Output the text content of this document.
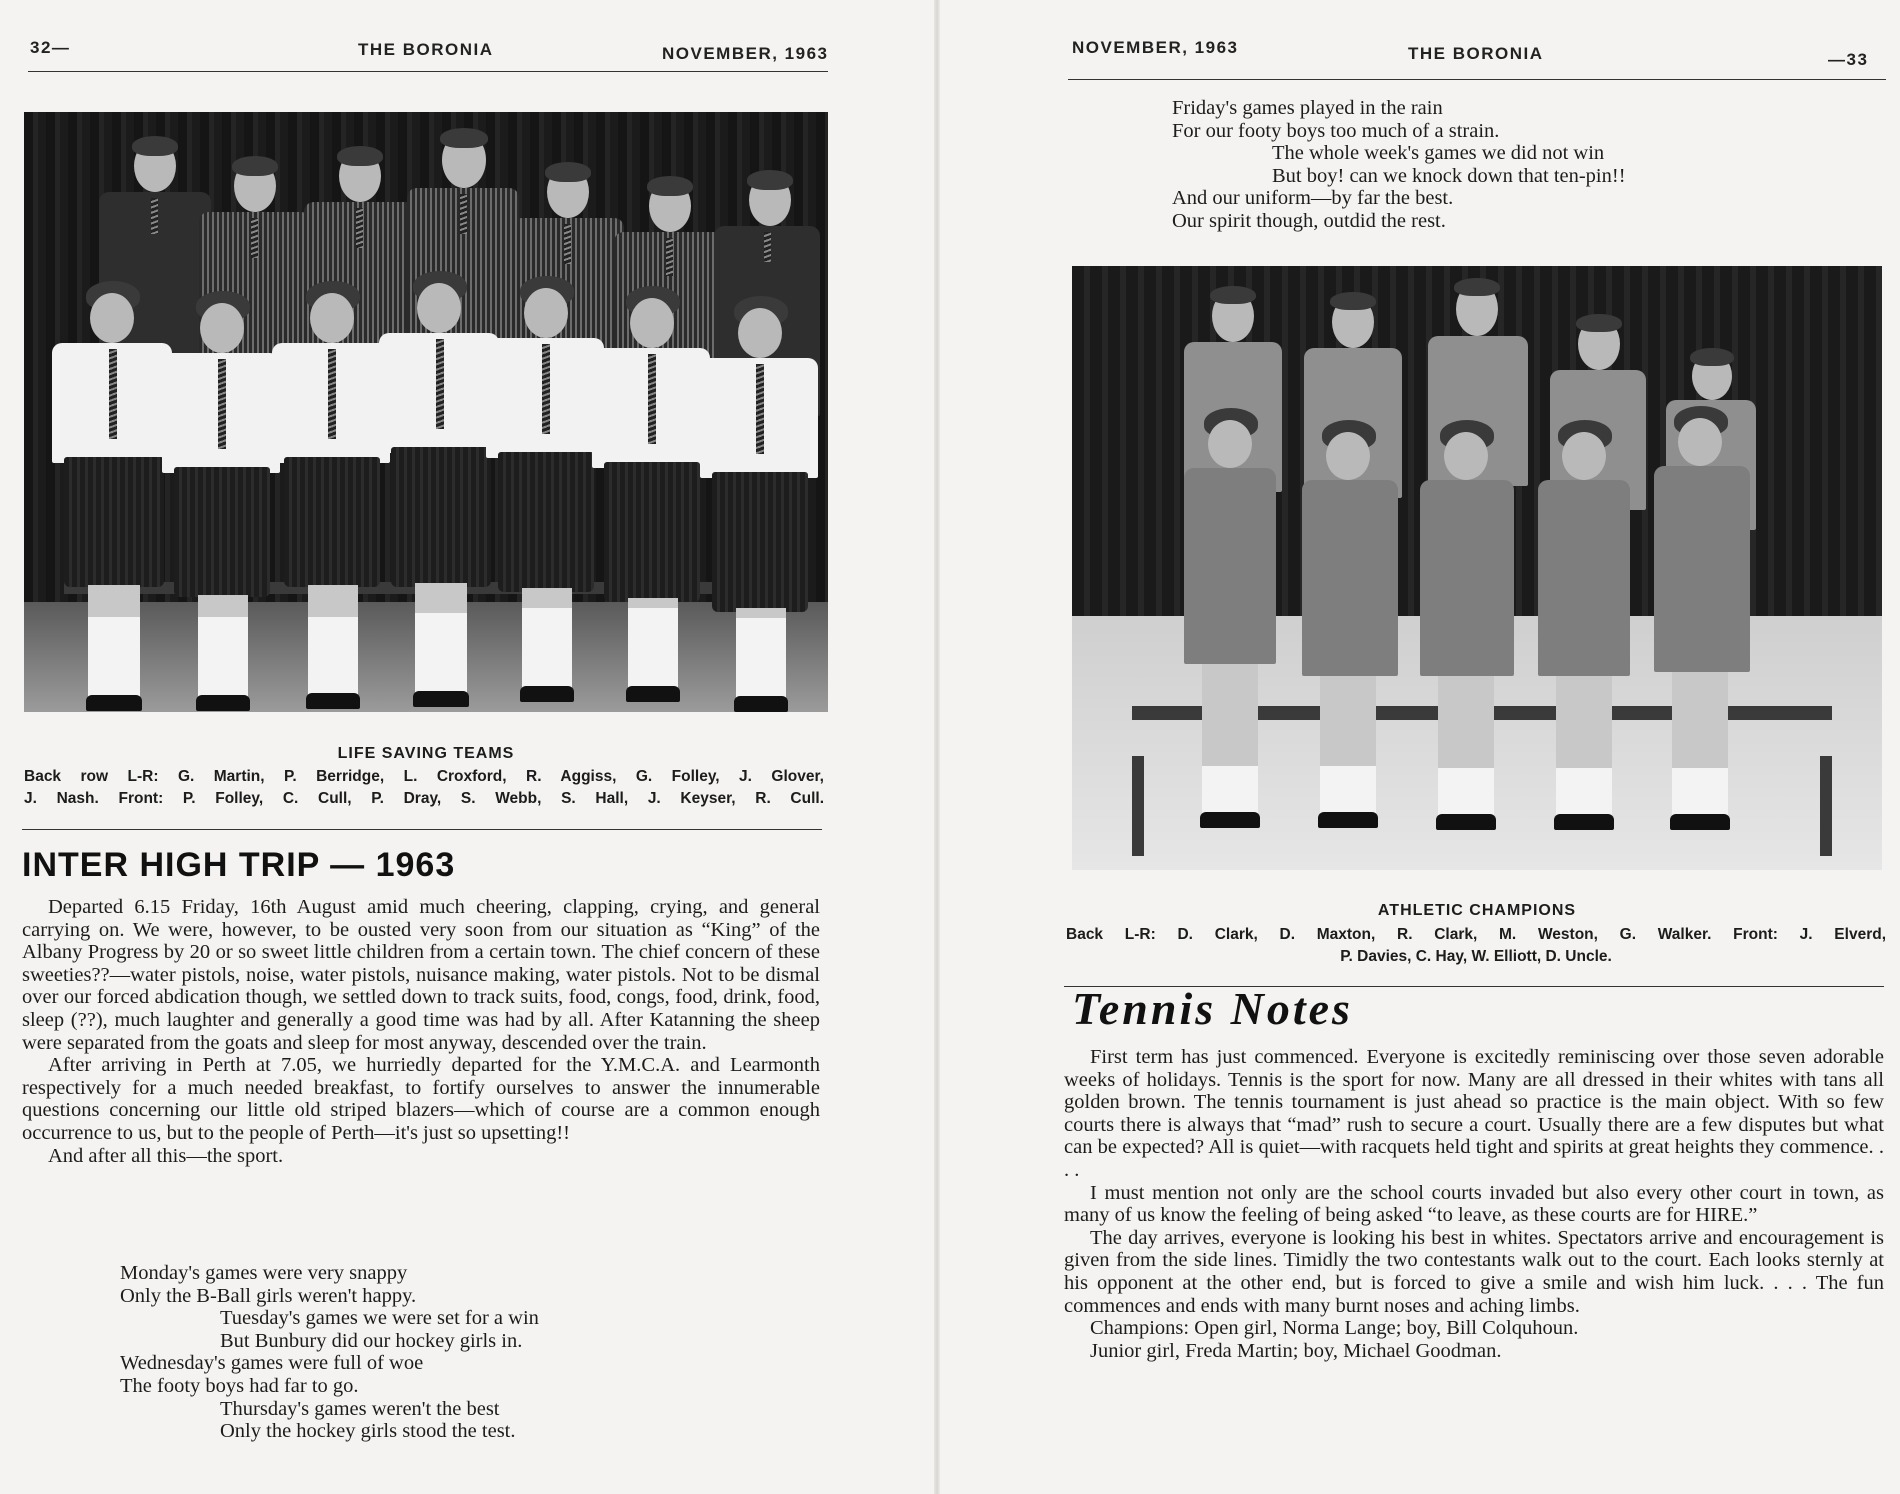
32—	THE BORONIA	NOVEMBER, 1963
LIFE SAVING TEAMS
Back row L-R: G. Martin, P. Berridge, L. Croxford, R. Aggiss, G. Folley, J. Glover,
J. Nash. Front: P. Folley, C. Cull, P. Dray, S. Webb, S. Hall, J. Keyser, R. Cull.
INTER HIGH TRIP — 1963

Departed 6.15 Friday, 16th August amid much cheering, clapping, crying, and general carrying on. We were, however, to be ousted very soon from our situation as “King” of the Albany Progress by 20 or so sweet little children from a certain town. The chief concern of these sweeties??—water pistols, noise, water pistols, nuisance making, water pistols. Not to be dismal over our forced abdication though, we settled down to track suits, food, congs, food, drink, food, sleep (??), much laughter and generally a good time was had by all. After Katanning the sheep were separated from the goats and sleep for most anyway, descended over the train.

After arriving in Perth at 7.05, we hurriedly departed for the Y.M.C.A. and Learmonth respectively for a much needed breakfast, to fortify ourselves to answer the innumerable questions concerning our little old striped blazers—which of course are a common enough occurrence to us, but to the people of Perth—it's just so upsetting!!

And after all this—the sport.

Monday's games were very snappy
Only the B-Ball girls weren't happy.
Tuesday's games we were set for a win
But Bunbury did our hockey girls in.
Wednesday's games were full of woe
The footy boys had far to go.
Thursday's games weren't the best
Only the hockey girls stood the test.
NOVEMBER, 1963	THE BORONIA	—33
Friday's games played in the rain
For our footy boys too much of a strain.
The whole week's games we did not win
But boy! can we knock down that ten-pin!!
And our uniform—by far the best.
Our spirit though, outdid the rest.
ATHLETIC CHAMPIONS
Back L-R: D. Clark, D. Maxton, R. Clark, M. Weston, G. Walker. Front: J. Elverd,
P. Davies, C. Hay, W. Elliott, D. Uncle.
Tennis Notes

First term has just commenced. Everyone is excitedly reminiscing over those seven adorable weeks of holidays. Tennis is the sport for now. Many are all dressed in their whites with tans all golden brown. The tennis tournament is just ahead so practice is the main object. With so few courts there is always that “mad” rush to secure a court. Usually there are a few disputes but what can be expected? All is quiet—with racquets held tight and spirits at great heights they commence. . . .

I must mention not only are the school courts invaded but also every other court in town, as many of us know the feeling of being asked “to leave, as these courts are for HIRE.”

The day arrives, everyone is looking his best in whites. Spectators arrive and encouragement is given from the side lines. Timidly the two contestants walk out to the court. Each looks sternly at his opponent at the other end, but is forced to give a smile and wish him luck. . . . The fun commences and ends with many burnt noses and aching limbs.

Champions: Open girl, Norma Lange; boy, Bill Colquhoun.

Junior girl, Freda Martin; boy, Michael Goodman.
